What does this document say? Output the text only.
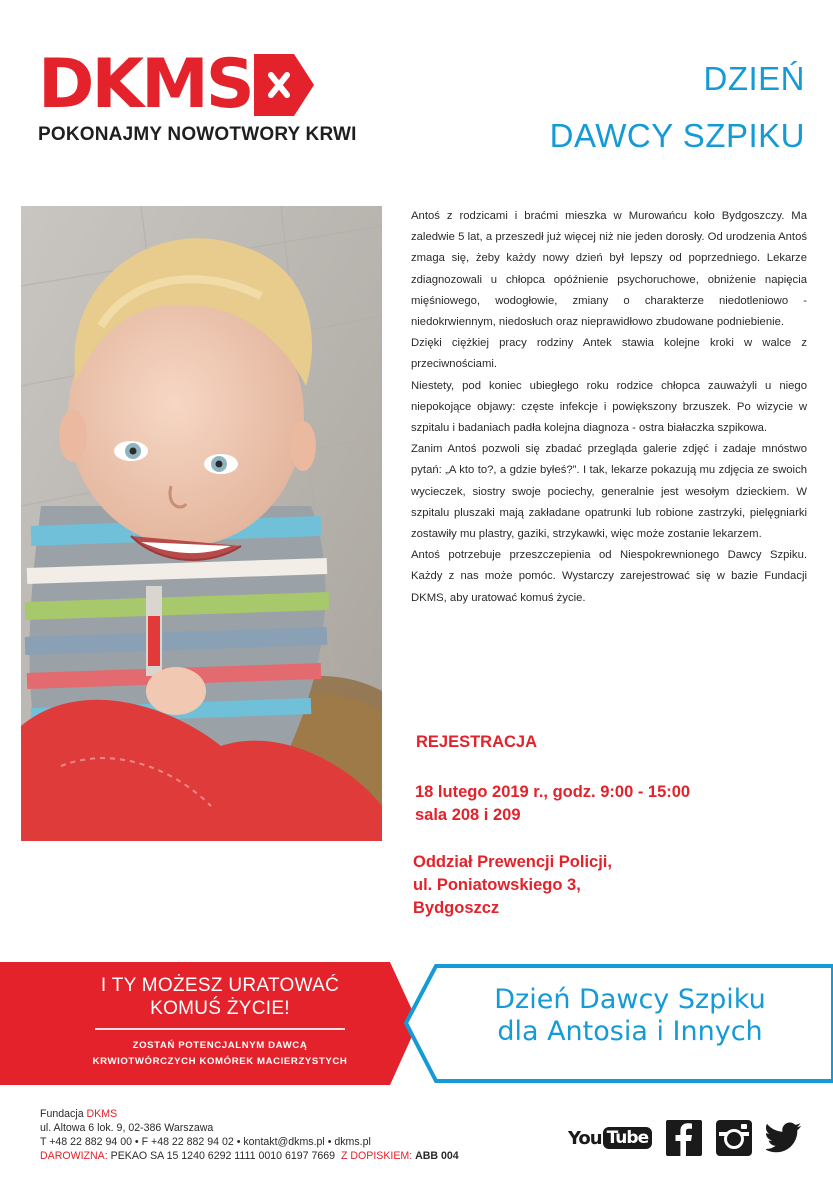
DKMS
POKONAJMY NOWOTWORY KRWI
DZIEŃ
DAWCY SZPIKU

Antoś z rodzicami i braćmi mieszka w Murowańcu koło Bydgoszczy. Ma zaledwie 5 lat, a przeszedł już więcej niż nie jeden dorosły. Od urodzenia Antoś zmaga się, żeby każdy nowy dzień był lepszy od poprzedniego. Lekarze zdiagnozowali u chłopca opóźnienie psychoruchowe, obniżenie napięcia mięśniowego, wodogłowie, zmiany o charakterze niedotleniowo - niedokrwiennym, niedosłuch oraz nieprawidłowo zbudowane podniebienie.

Dzięki ciężkiej pracy rodziny Antek stawia kolejne kroki w walce z przeciwnościami.

Niestety, pod koniec ubiegłego roku rodzice chłopca zauważyli u niego niepokojące objawy: częste infekcje i powiększony brzuszek. Po wizycie w szpitalu i badaniach padła kolejna diagnoza - ostra białaczka szpikowa.

Zanim Antoś pozwoli się zbadać przegląda galerie zdjęć i zadaje mnóstwo pytań: „A kto to?, a gdzie byłeś?”. I tak, lekarze pokazują mu zdjęcia ze swoich wycieczek, siostry swoje pociechy, generalnie jest wesołym dzieckiem. W szpitalu pluszaki mają zakładane opatrunki lub robione zastrzyki, pielęgniarki zostawiły mu plastry, gaziki, strzykawki, więc może zostanie lekarzem.

Antoś potrzebuje przeszczepienia od Niespokrewnionego Dawcy Szpiku. Każdy z nas może pomóc. Wystarczy zarejestrować się w bazie Fundacji DKMS, aby uratować komuś życie.

REJESTRACJA
18 lutego 2019 r., godz. 9:00 - 15:00
sala 208 i 209
Oddział Prewencji Policji,
ul. Poniatowskiego 3,
Bydgoszcz
I TY MOŻESZ URATOWAĆ
KOMUŚ ŻYCIE!
ZOSTAŃ POTENCJALNYM DAWCĄ
KRWIOTWÓRCZYCH KOMÓREK MACIERZYSTYCH
Dzień Dawcy Szpiku
dla Antosia i Innych
Fundacja DKMS
ul. Altowa 6 lok. 9, 02-386 Warszawa
T +48 22 882 94 00 • F +48 22 882 94 02 • kontakt@dkms.pl • dkms.pl
DAROWIZNA: PEKAO SA 15 1240 6292 1111 0010 6197 7669 Z DOPISKIEM: ABB 004
You Tube
